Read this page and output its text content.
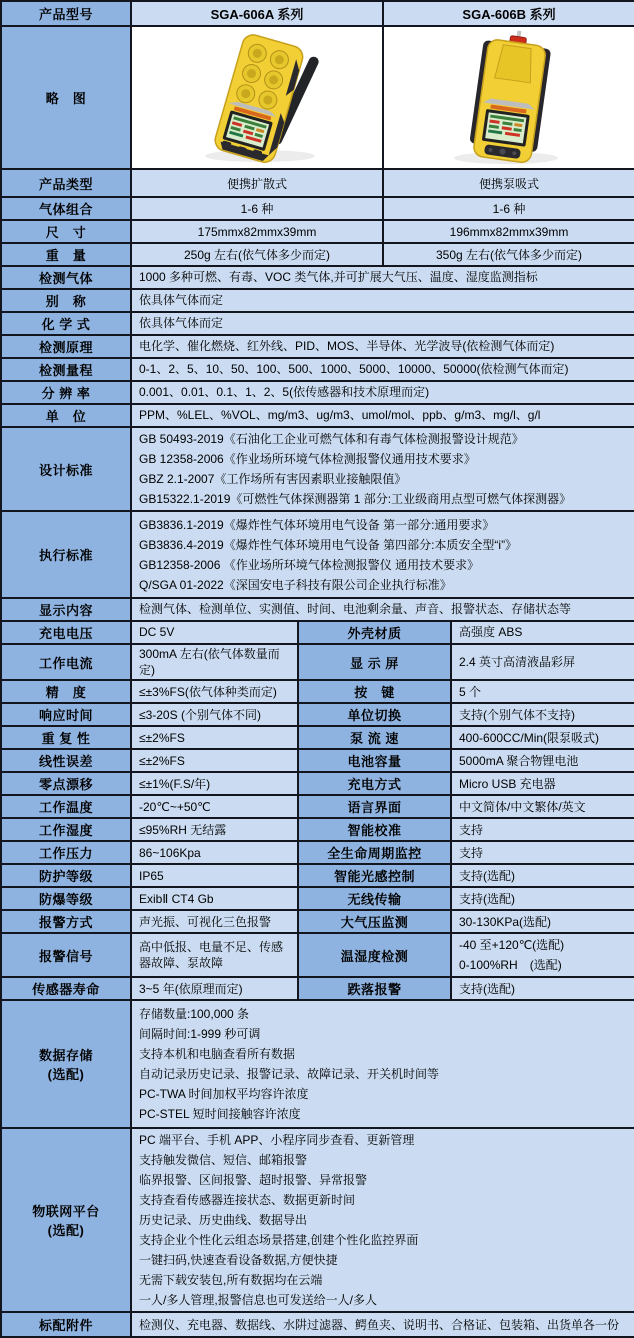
产品型号	SGA-606A 系列		SGA-606B 系列	
略　图	

产品类型	便携扩散式		便携泵吸式	
气体组合	1-6 种		1-6 种	
尺　寸	175mmx82mmx39mm		196mmx82mmx39mm	
重　量	250g 左右(依气体多少而定)		350g 左右(依气体多少而定)	
检测气体	1000 多种可燃、有毒、VOC 类气体,并可扩展大气压、温度、湿度监测指标			
别　称	依具体气体而定			
化 学 式	依具体气体而定			
检测原理	电化学、催化燃烧、红外线、PID、MOS、半导体、光学波导(依检测气体而定)			
检测量程	0-1、2、5、10、50、100、500、1000、5000、10000、50000(依检测气体而定)			
分 辨 率	0.001、0.01、0.1、1、2、5(依传感器和技术原理而定)			
单　位	PPM、%LEL、%VOL、mg/m3、ug/m3、umol/mol、ppb、g/m3、mg/l、g/l			
设计标准	GB 50493-2019《石油化工企业可燃气体和有毒气体检测报警设计规范》
GB 12358-2006《作业场所环境气体检测报警仪通用技术要求》
GBZ 2.1-2007《工作场所有害因素职业接触限值》
GB15322.1-2019《可燃性气体探测器第 1 部分:工业级商用点型可燃气体探测器》			

执行标准	GB3836.1-2019《爆炸性气体环境用电气设备 第一部分:通用要求》
GB3836.4-2019《爆炸性气体环境用电气设备 第四部分:本质安全型“i”》
GB12358-2006 《作业场所环境气体检测报警仪 通用技术要求》
Q/SGA 01-2022《深国安电子科技有限公司企业执行标准》			

显示内容	检测气体、检测单位、实测值、时间、电池剩余量、声音、报警状态、存储状态等			
充电电压	DC 5V	外壳材质		高强度 ABS
工作电流	300mA 左右(依气体数量而定)	显 示 屏		2.4 英寸高清液晶彩屏
精　度	≤±3%FS(依气体种类而定)	按　键		5 个
响应时间	≤3-20S (个别气体不同)	单位切换		支持(个别气体不支持)
重 复 性	≤±2%FS	泵 流 速		400-600CC/Min(限泵吸式)
线性误差	≤±2%FS	电池容量		5000mA 聚合物锂电池
零点漂移	≤±1%(F.S/年)	充电方式		Micro USB 充电器
工作温度	-20℃~+50℃	语言界面		中文简体/中文繁体/英文
工作湿度	≤95%RH 无结露	智能校准		支持
工作压力	86~106Kpa	全生命周期监控		支持
防护等级	IP65	智能光感控制		支持(选配)
防爆等级	ExibⅡ CT4 Gb	无线传输		支持(选配)
报警方式	声光振、可视化三色报警	大气压监测		30-130KPa(选配)
报警信号	高中低报、电量不足、传感器故障、泵故障	温湿度检测		-40 至+120℃(选配)
0-100%RH　(选配)

传感器寿命	3~5 年(依原理而定)	跌落报警		支持(选配)

数据存储
(选配)

存储数量:100,000 条
间隔时间:1-999 秒可调
支持本机和电脑查看所有数据
自动记录历史记录、报警记录、故障记录、开关机时间等
PC-TWA 时间加权平均容许浓度
PC-STEL 短时间接触容许浓度

物联网平台
(选配)

PC 端平台、手机 APP、小程序同步查看、更新管理
支持触发微信、短信、邮箱报警
临界报警、区间报警、超时报警、异常报警
支持查看传感器连接状态、数据更新时间
历史记录、历史曲线、数据导出
支持企业个性化云组态场景搭建,创建个性化监控界面
一键扫码,快速查看设备数据,方便快捷
无需下载安装包,所有数据均在云端
一人/多人管理,报警信息也可发送给一人/多人

标配附件	检测仪、充电器、数据线、水阱过滤器、鳄鱼夹、说明书、合格证、包装箱、出货单各一份			
